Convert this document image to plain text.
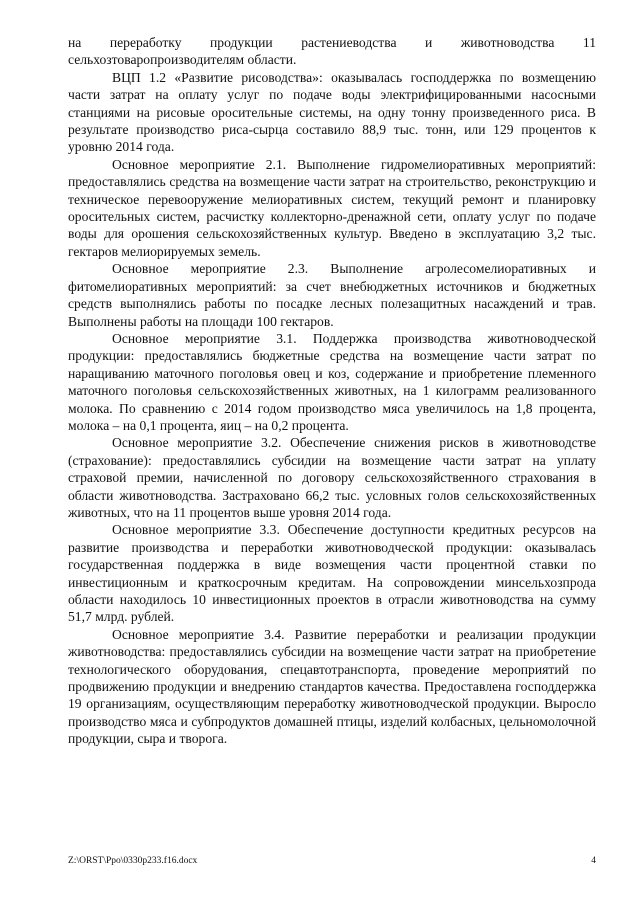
на переработку продукции растениеводства и животноводства 11 сельхозтоваропроизводителям области.

ВЦП 1.2 «Развитие рисоводства»: оказывалась господдержка по возмещению части затрат на оплату услуг по подаче воды электрифицированными насосными станциями на рисовые оросительные системы, на одну тонну произведенного риса. В результате производство риса-сырца составило 88,9 тыс. тонн, или 129 процентов к уровню 2014 года.

Основное мероприятие 2.1. Выполнение гидромелиоративных мероприятий: предоставлялись средства на возмещение части затрат на строительство, реконструкцию и техническое перевооружение мелиоративных систем, текущий ремонт и планировку оросительных систем, расчистку коллекторно-дренажной сети, оплату услуг по подаче воды для орошения сельскохозяйственных культур. Введено в эксплуатацию 3,2 тыс. гектаров мелиорируемых земель.

Основное мероприятие 2.3. Выполнение агролесомелиоративных и фитомелиоративных мероприятий: за счет внебюджетных источников и бюджетных средств выполнялись работы по посадке лесных полезащитных насаждений и трав. Выполнены работы на площади 100 гектаров.

Основное мероприятие 3.1. Поддержка производства животноводческой продукции: предоставлялись бюджетные средства на возмещение части затрат по наращиванию маточного поголовья овец и коз, содержание и приобретение племенного маточного поголовья сельскохозяйственных животных, на 1 килограмм реализованного молока. По сравнению с 2014 годом производство мяса увеличилось на 1,8 процента, молока – на 0,1 процента, яиц – на 0,2 процента.

Основное мероприятие 3.2. Обеспечение снижения рисков в животноводстве (страхование): предоставлялись субсидии на возмещение части затрат на уплату страховой премии, начисленной по договору сельскохозяйственного страхования в области животноводства. Застраховано 66,2 тыс. условных голов сельскохозяйственных животных, что на 11 процентов выше уровня 2014 года.

Основное мероприятие 3.3. Обеспечение доступности кредитных ресурсов на развитие производства и переработки животноводческой продукции: оказывалась государственная поддержка в виде возмещения части процентной ставки по инвестиционным и краткосрочным кредитам. На сопровождении минсельхозпрода области находилось 10 инвестиционных проектов в отрасли животноводства на сумму 51,7 млрд. рублей.

Основное мероприятие 3.4. Развитие переработки и реализации продукции животноводства: предоставлялись субсидии на возмещение части затрат на приобретение технологического оборудования, спецавтотранспорта, проведение мероприятий по продвижению продукции и внедрению стандартов качества. Предоставлена господдержка 19 организациям, осуществляющим переработку животноводческой продукции. Выросло производство мяса и субпродуктов домашней птицы, изделий колбасных, цельномолочной продукции, сыра и творога.

Z:\ORST\Ppo\0330p233.f16.docx	4
